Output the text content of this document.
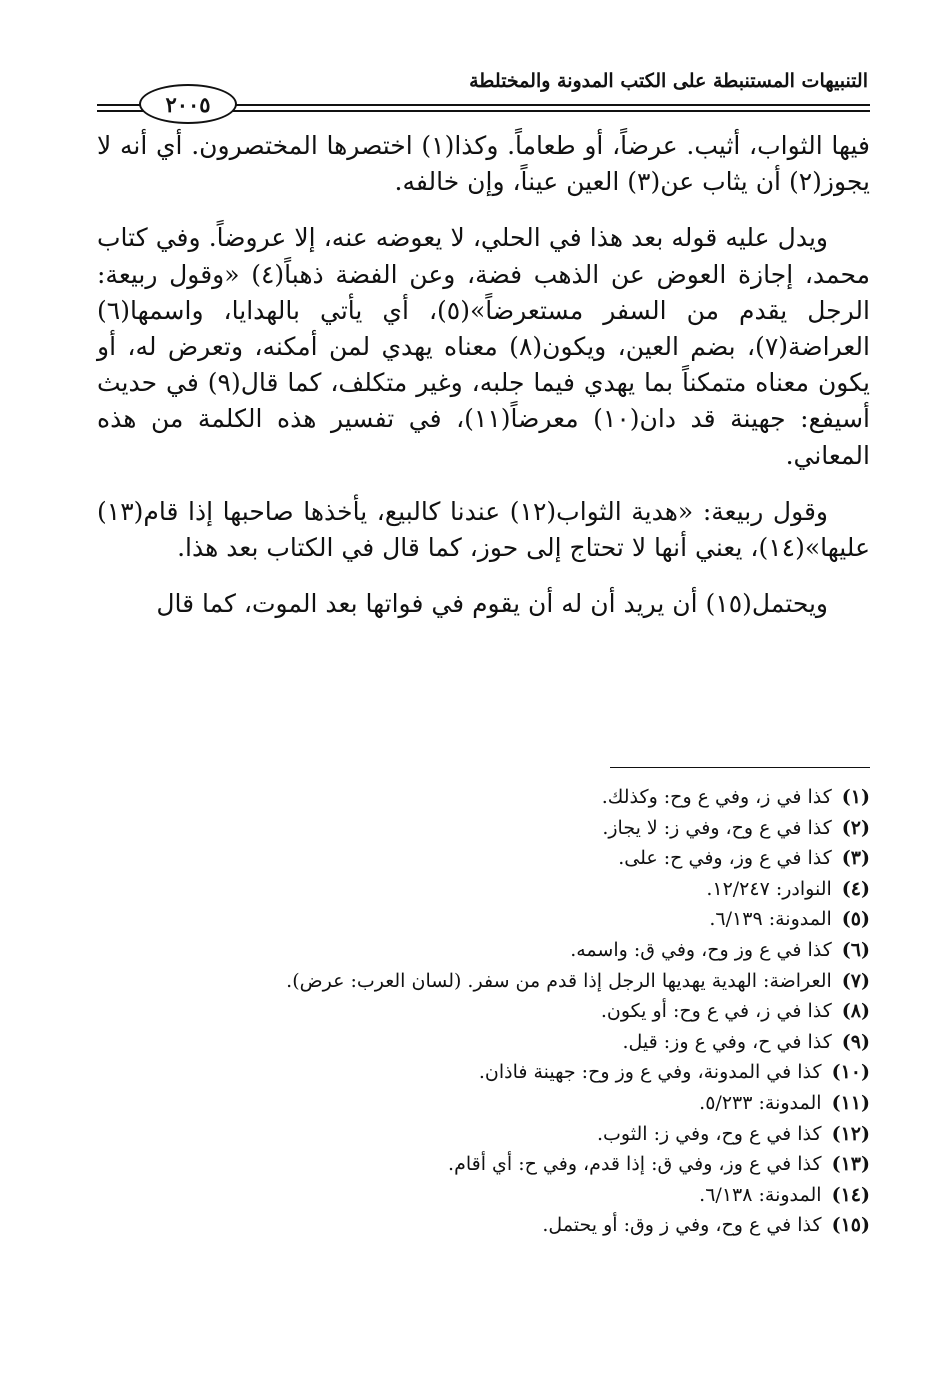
التنبيهات المستنبطة على الكتب المدونة والمختلطة
٢٠٠٥

فيها الثواب، أثيب. عرضاً، أو طعاماً. وكذا(١) اختصرها المختصرون. أي أنه لا يجوز(٢) أن يثاب عن(٣) العين عيناً، وإن خالفه.

ويدل عليه قوله بعد هذا في الحلي، لا يعوضه عنه، إلا عروضاً. وفي كتاب محمد، إجازة العوض عن الذهب فضة، وعن الفضة ذهباً(٤) «وقول ربيعة: الرجل يقدم من السفر مستعرضاً»(٥)، أي يأتي بالهدايا، واسمها(٦) العراضة(٧)، بضم العين، ويكون(٨) معناه يهدي لمن أمكنه، وتعرض له، أو يكون معناه متمكناً بما يهدي فيما جلبه، وغير متكلف، كما قال(٩) في حديث أسيفع: جهينة قد دان(١٠) معرضاً(١١)، في تفسير هذه الكلمة من هذه المعاني.

وقول ربيعة: «هدية الثواب(١٢) عندنا كالبيع، يأخذها صاحبها إذا قام(١٣) عليها»(١٤)، يعني أنها لا تحتاج إلى حوز، كما قال في الكتاب بعد هذا.

ويحتمل(١٥) أن يريد أن له أن يقوم في فواتها بعد الموت، كما قال

(١)كذا في ز، وفي ع وح: وكذلك.
(٢)كذا في ع وح، وفي ز: لا يجاز.
(٣)كذا في ع وز، وفي ح: على.
(٤)النوادر: ١٢/٢٤٧.
(٥)المدونة: ٦/١٣٩.
(٦)كذا في ع وز وح، وفي ق: واسمه.
(٧)العراضة: الهدية يهديها الرجل إذا قدم من سفر. (لسان العرب: عرض).
(٨)كذا في ز، في ع وح: أو يكون.
(٩)كذا في ح، وفي ع وز: قيل.
(١٠)كذا في المدونة، وفي ع وز وح: جهينة فاذان.
(١١)المدونة: ٥/٢٣٣.
(١٢)كذا في ع وح، وفي ز: الثوب.
(١٣)كذا في ع وز، وفي ق: إذا قدم، وفي ح: أي أقام.
(١٤)المدونة: ٦/١٣٨.
(١٥)كذا في ع وح، وفي ز وق: أو يحتمل.
